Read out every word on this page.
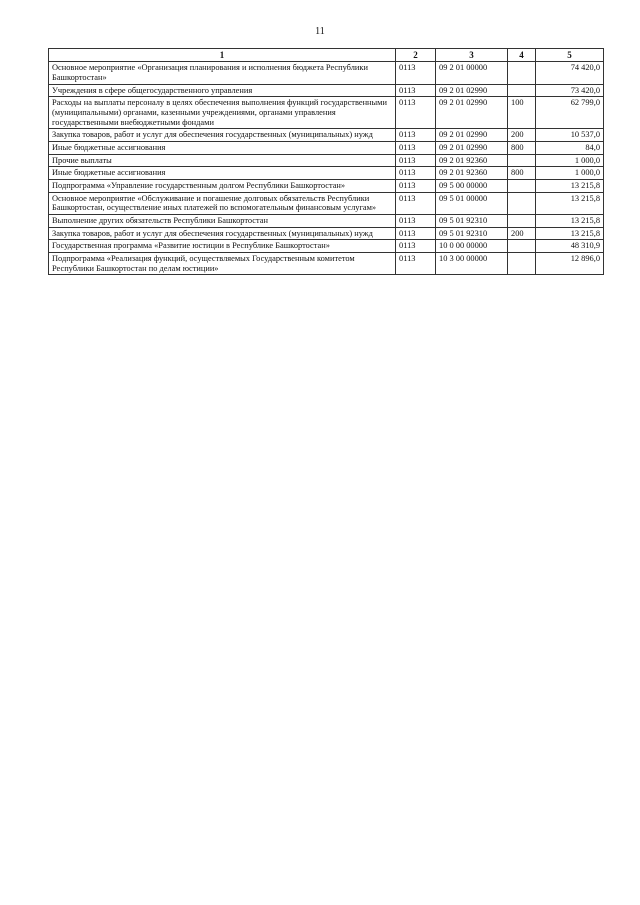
11
1	2	3	4	5
Основное мероприятие «Организация планирования и исполнения бюджета Республики Башкортостан»	0113	09 2 01 00000		74 420,0
Учреждения в сфере общегосударственного управления	0113	09 2 01 02990		73 420,0
Расходы на выплаты персоналу в целях обеспечения выполнения функций государственными (муниципальными) органами, казенными учреждениями, органами управления государственными внебюджетными фондами	0113	09 2 01 02990	100	62 799,0
Закупка товаров, работ и услуг для обеспечения государственных (муниципальных) нужд	0113	09 2 01 02990	200	10 537,0
Иные бюджетные ассигнования	0113	09 2 01 02990	800	84,0
Прочие выплаты	0113	09 2 01 92360		1 000,0
Иные бюджетные ассигнования	0113	09 2 01 92360	800	1 000,0
Подпрограмма «Управление государственным долгом Республики Башкортостан»	0113	09 5 00 00000		13 215,8
Основное мероприятие «Обслуживание и погашение долговых обязательств Республики Башкортостан, осуществление иных платежей по вспомогательным финансовым услугам»	0113	09 5 01 00000		13 215,8
Выполнение других обязательств Республики Башкортостан	0113	09 5 01 92310		13 215,8
Закупка товаров, работ и услуг для обеспечения государственных (муниципальных) нужд	0113	09 5 01 92310	200	13 215,8
Государственная программа «Развитие юстиции в Республике Башкортостан»	0113	10 0 00 00000		48 310,9
Подпрограмма «Реализация функций, осуществляемых Государственным комитетом Республики Башкортостан по делам юстиции»	0113	10 3 00 00000		12 896,0
